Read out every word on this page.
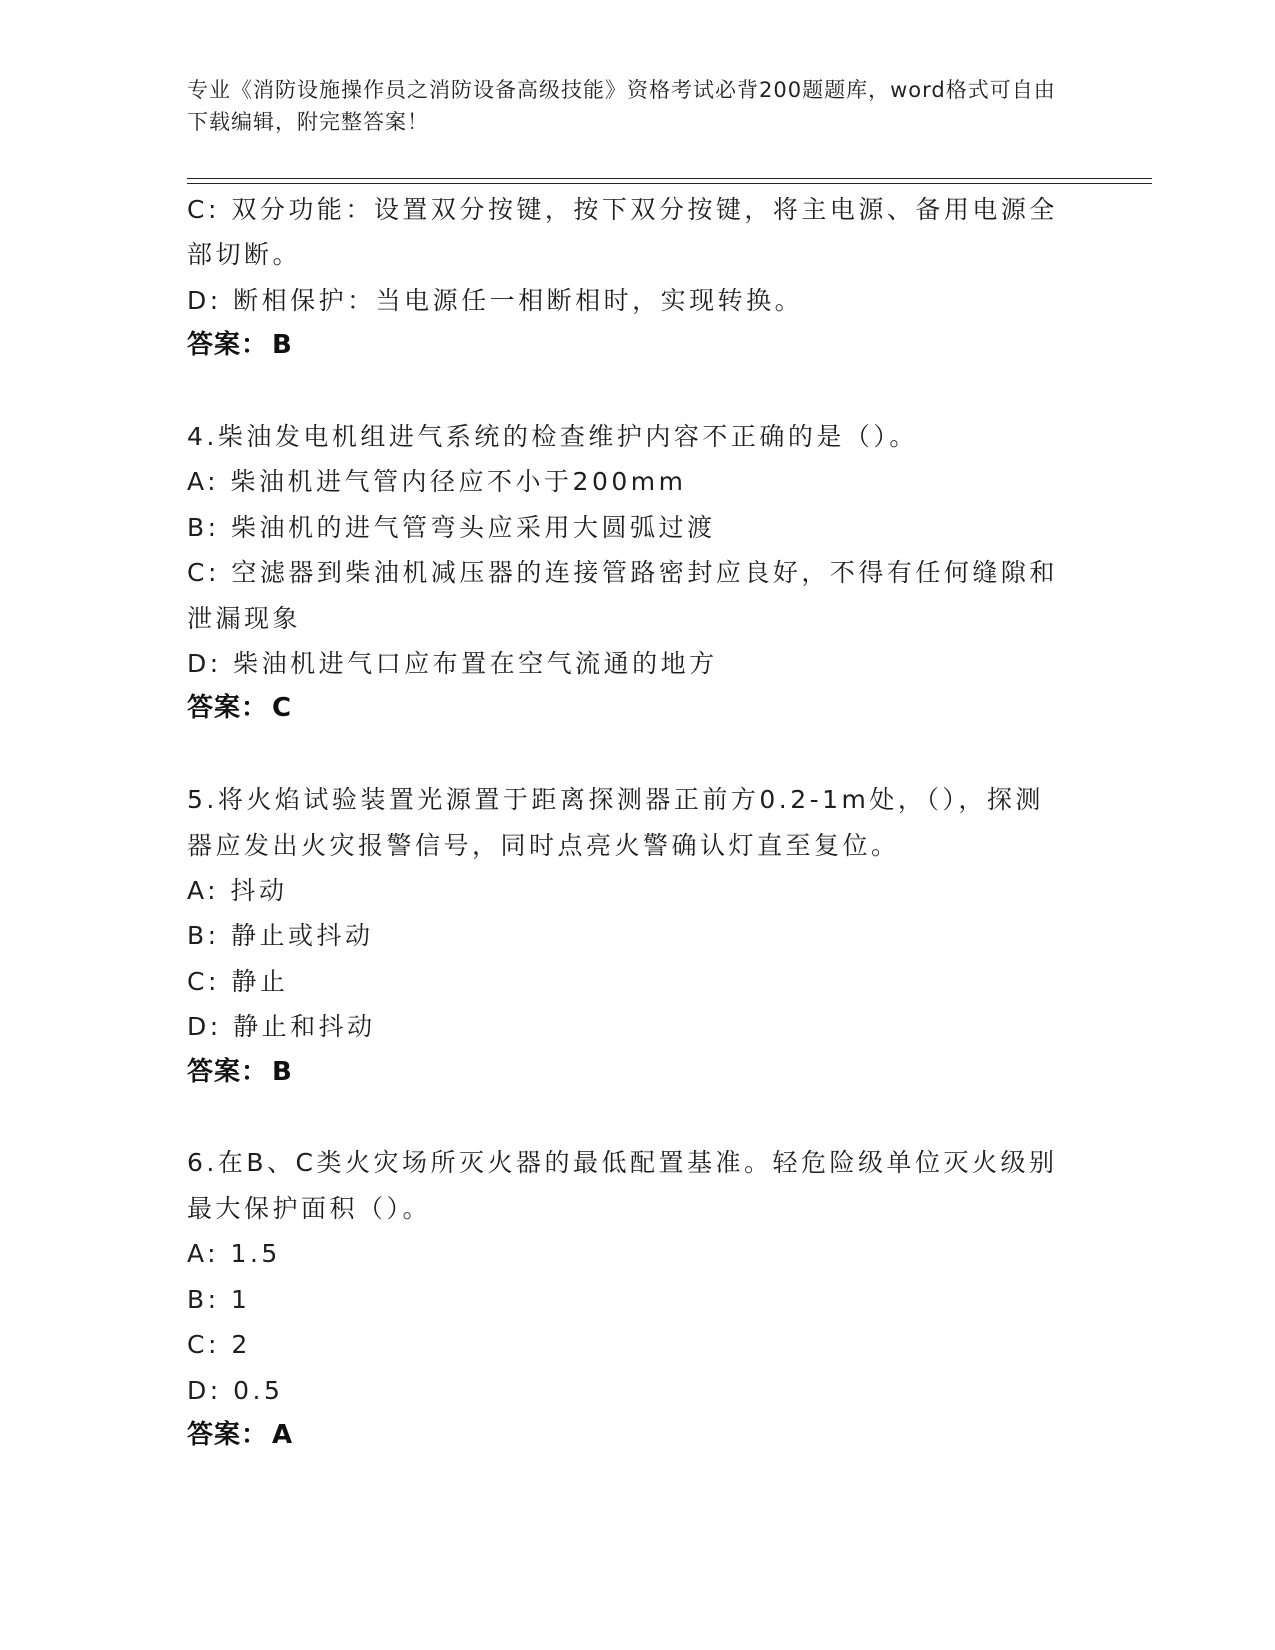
专业《消防设施操作员之消防设备高级技能》资格考试必背200题题库，word格式可自由下载编辑，附完整答案！
C: 双分功能：设置双分按键，按下双分按键，将主电源、备用电源全
部切断。
D: 断相保护：当电源任一相断相时，实现转换。
答案： B
4.柴油发电机组进气系统的检查维护内容不正确的是（）。
A: 柴油机进气管内径应不小于200mm
B: 柴油机的进气管弯头应采用大圆弧过渡
C: 空滤器到柴油机减压器的连接管路密封应良好，不得有任何缝隙和
泄漏现象
D: 柴油机进气口应布置在空气流通的地方
答案： C
5.将火焰试验装置光源置于距离探测器正前方0.2-1m处，（），探测
器应发出火灾报警信号，同时点亮火警确认灯直至复位。
A: 抖动
B: 静止或抖动
C: 静止
D: 静止和抖动
答案： B
6.在B、C类火灾场所灭火器的最低配置基准。轻危险级单位灭火级别
最大保护面积（）。
A: 1.5
B: 1
C: 2
D: 0.5
答案： A
